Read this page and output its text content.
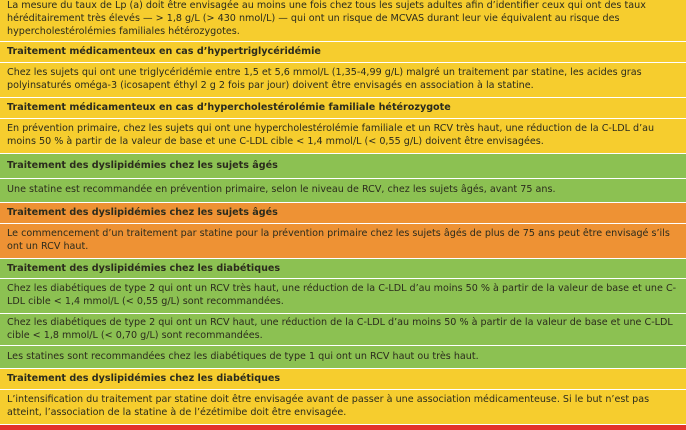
La mesure du taux de Lp (a) doit être envisagée au moins une fois chez tous les sujets adultes afin d’identifier ceux qui ont des taux héréditairement très élevés — > 1,8 g/L (> 430 nmol/L) — qui ont un risque de MCVAS durant leur vie équivalent au risque des hypercholestérolémies familiales hétérozygotes.
Traitement médicamenteux en cas d’hypertriglycéridémie
Chez les sujets qui ont une triglycéridémie entre 1,5 et 5,6 mmol/L (1,35-4,99 g/L) malgré un traitement par statine, les acides gras polyinsaturés oméga-3 (icosapent éthyl 2 g 2 fois par jour) doivent être envisagés en association à la statine.
Traitement médicamenteux en cas d’hypercholestérolémie familiale hétérozygote
En prévention primaire, chez les sujets qui ont une hypercholestérolémie familiale et un RCV très haut, une réduction de la C-LDL d’au moins 50 % à partir de la valeur de base et une C-LDL cible < 1,4 mmol/L (< 0,55 g/L) doivent être envisagées.
Traitement des dyslipidémies chez les sujets âgés
Une statine est recommandée en prévention primaire, selon le niveau de RCV, chez les sujets âgés, avant 75 ans.
Traitement des dyslipidémies chez les sujets âgés
Le commencement d’un traitement par statine pour la prévention primaire chez les sujets âgés de plus de 75 ans peut être envisagé s’ils ont un RCV haut.
Traitement des dyslipidémies chez les diabétiques
Chez les diabétiques de type 2 qui ont un RCV très haut, une réduction de la C-LDL d’au moins 50 % à partir de la valeur de base et une C-LDL cible < 1,4 mmol/L (< 0,55 g/L) sont recommandées.
Chez les diabétiques de type 2 qui ont un RCV haut, une réduction de la C-LDL d’au moins 50 % à partir de la valeur de base et une C-LDL cible < 1,8 mmol/L (< 0,70 g/L) sont recommandées.
Les statines sont recommandées chez les diabétiques de type 1 qui ont un RCV haut ou très haut.
Traitement des dyslipidémies chez les diabétiques
L’intensification du traitement par statine doit être envisagée avant de passer à une association médicamenteuse. Si le but n’est pas atteint, l’association de la statine à de l’ézétimibe doit être envisagée.
